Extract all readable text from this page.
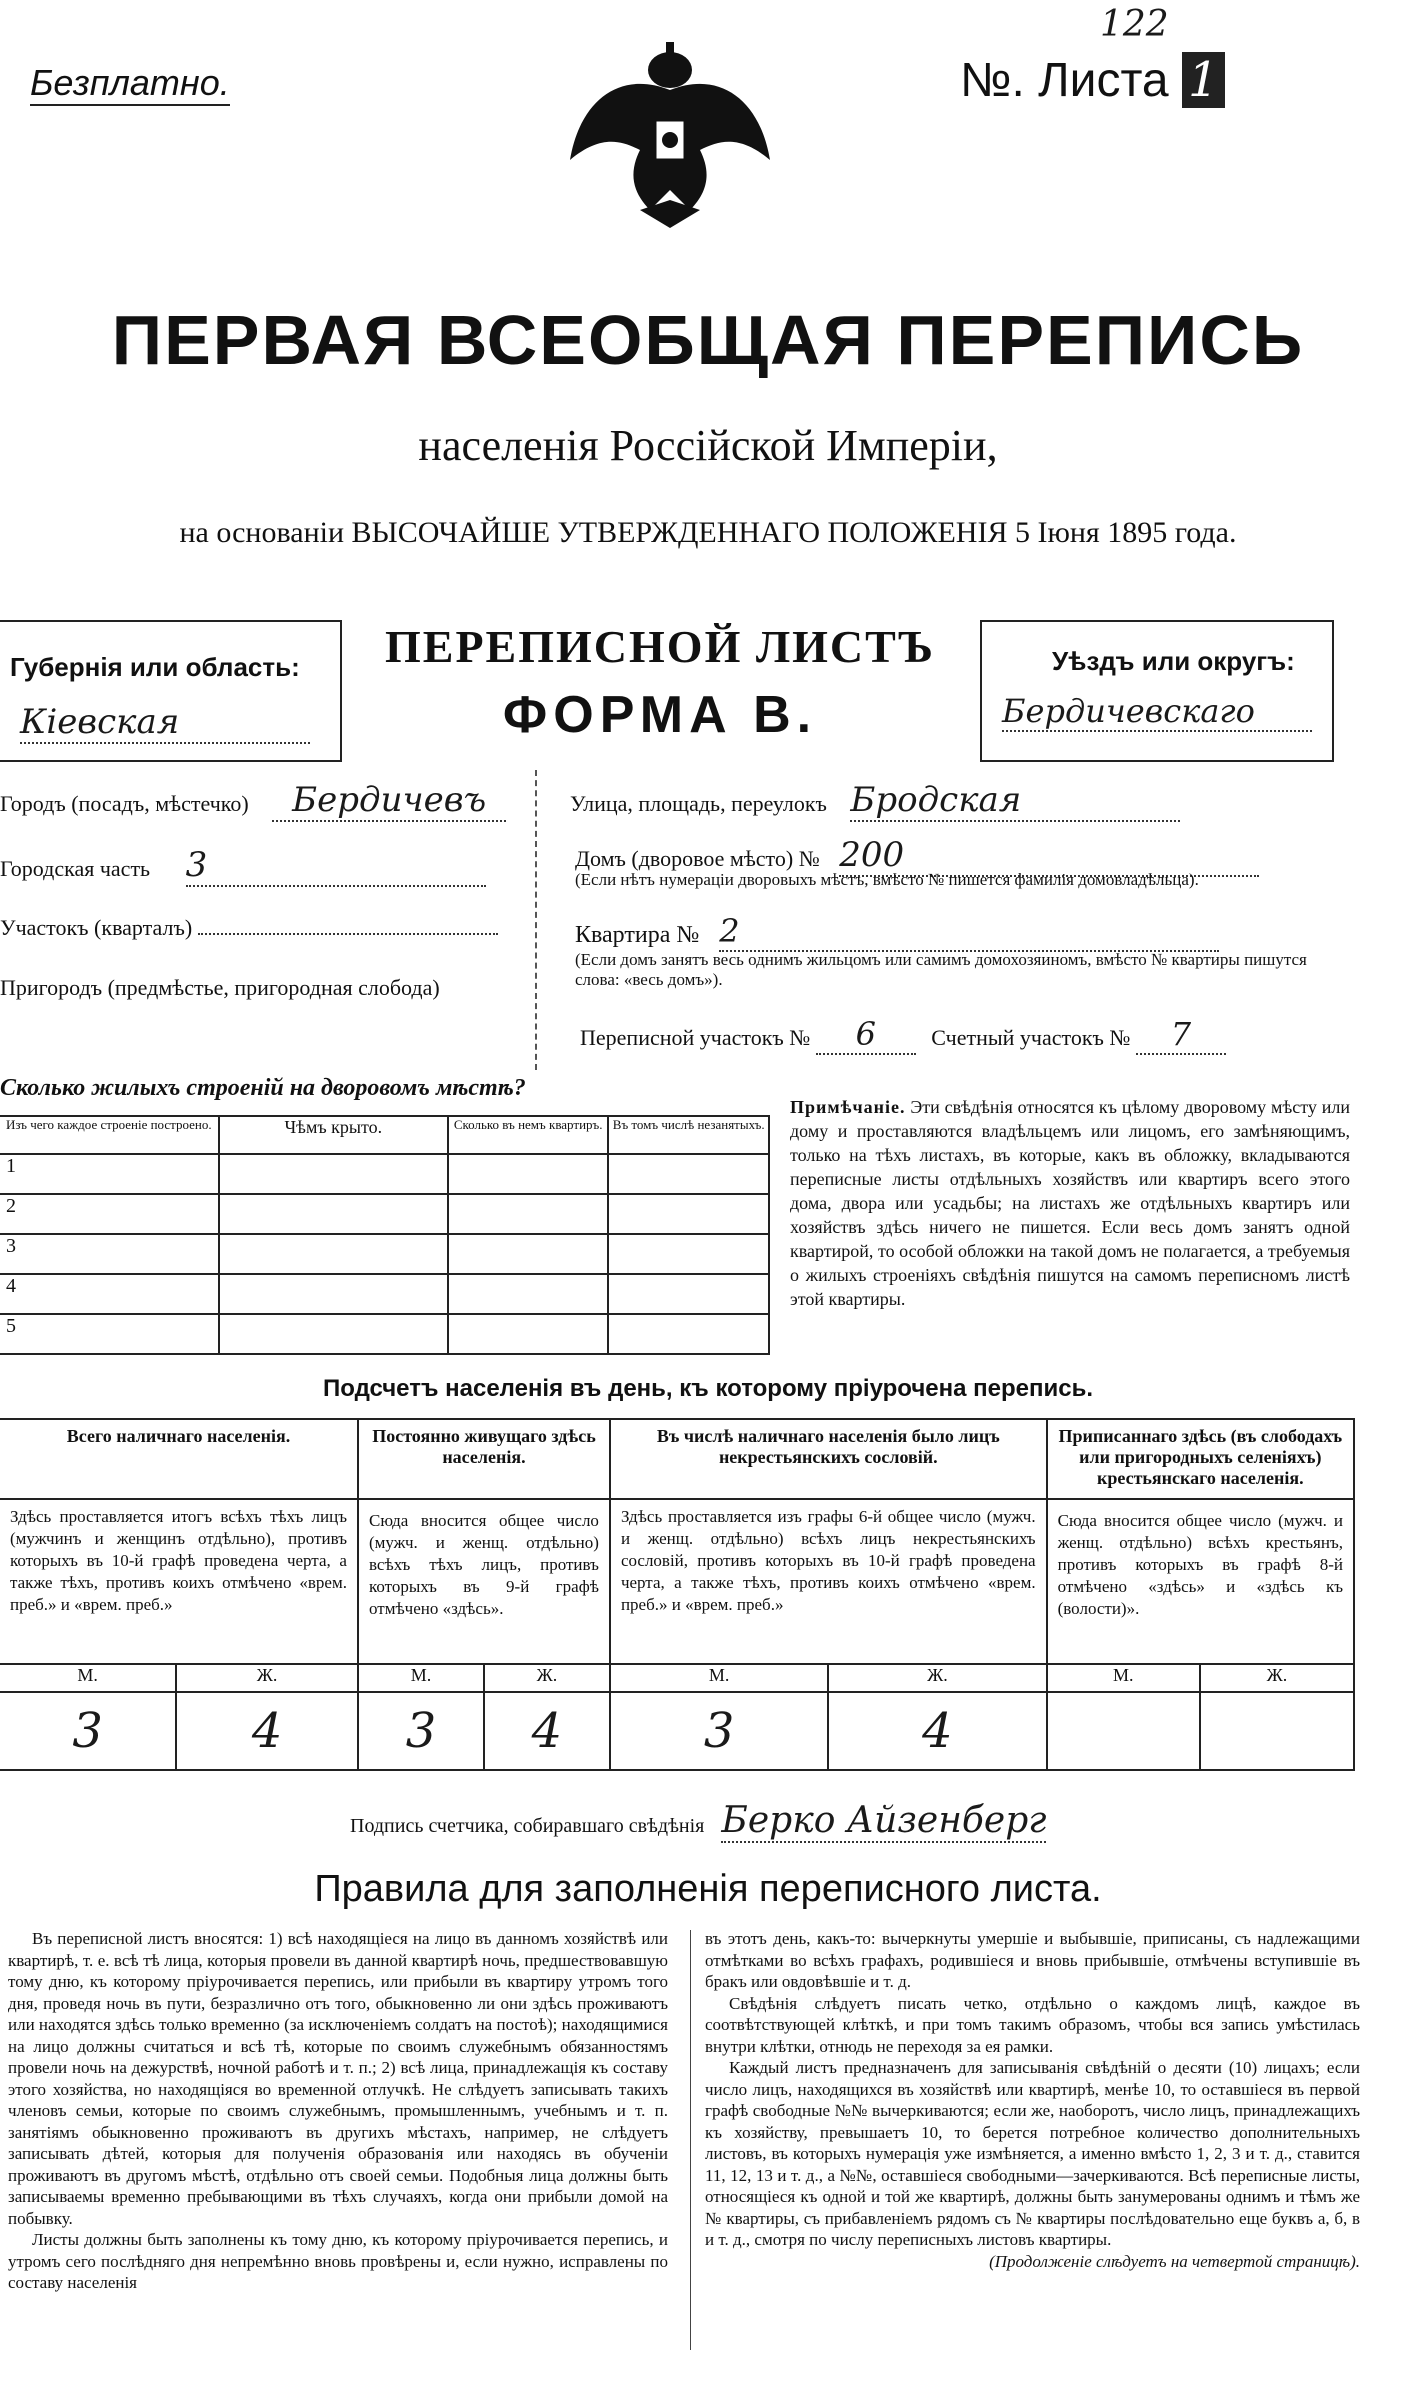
Безплатно.
122
№. Листа 1
ПЕРВАЯ ВСЕОБЩАЯ ПЕРЕПИСЬ
населенія Россійской Имперіи,
на основаніи ВЫСОЧАЙШЕ УТВЕРЖДЕННАГО ПОЛОЖЕНІЯ 5 Іюня 1895 года.
Губернія или область:
Кіевская
ПЕРЕПИСНОЙ ЛИСТЪ
ФОРМА В.
Уѣздъ или округъ:
Бердичевскаго
Городъ (посадъ, мѣстечко) Бердичевъ
Городская часть 3
Участокъ (кварталъ)
Пригородъ (предмѣстье, пригородная слобода)
Улица, площадь, переулокъ Бродская
Домъ (дворовое мѣсто) № 200
(Если нѣтъ нумераціи дворовыхъ мѣстъ, вмѣсто № пишется фамилія домовладѣльца).
Квартира № 2
(Если домъ занятъ весь однимъ жильцомъ или самимъ домохозяиномъ, вмѣсто № квартиры пишутся слова: «весь домъ»).
Переписной участокъ № 6	Счетный участокъ № 7
Сколько жилыхъ строеній на дворовомъ мѣстѣ?
Изъ чего каждое строеніе построено.	Чѣмъ крыто.	Сколько въ немъ квартиръ.	Въ томъ числѣ незанятыхъ.
1			
2			
3			
4			
5			
Примѣчаніе. Эти свѣдѣнія относятся къ цѣлому дворовому мѣсту или дому и проставляются владѣльцемъ или лицомъ, его замѣняющимъ, только на тѣхъ листахъ, въ которые, какъ въ обложку, вкладываются переписные листы отдѣльныхъ хозяйствъ или квартиръ всего этого дома, двора или усадьбы; на листахъ же отдѣльныхъ квартиръ или хозяйствъ здѣсь ничего не пишется. Если весь домъ занятъ одной квартирой, то особой обложки на такой домъ не полагается, а требуемыя о жилыхъ строеніяхъ свѣдѣнія пишутся на самомъ переписномъ листѣ этой квартиры.
Подсчетъ населенія въ день, къ которому пріурочена перепись.
Всего наличнаго населенія.		Постоянно живущаго здѣсь населенія.		Въ числѣ наличнаго населенія было лицъ некрестьянскихъ сословій.		Приписаннаго здѣсь (въ слободахъ или пригородныхъ селеніяхъ) крестьянскаго населенія.	
Здѣсь проставляется итогъ всѣхъ тѣхъ лицъ (мужчинъ и женщинъ отдѣльно), противъ которыхъ въ 10-й графѣ проведена черта, а также тѣхъ, противъ коихъ отмѣчено «врем. преб.» и «врем. преб.»		Сюда вносится общее число (мужч. и женщ. отдѣльно) всѣхъ тѣхъ лицъ, противъ которыхъ въ 9-й графѣ отмѣчено «здѣсь».		Здѣсь проставляется изъ графы 6-й общее число (мужч. и женщ. отдѣльно) всѣхъ лицъ некрестьянскихъ сословій, противъ которыхъ въ 10-й графѣ проведена черта, а также тѣхъ, противъ коихъ отмѣчено «врем. преб.» и «врем. преб.»		Сюда вносится общее число (мужч. и женщ. отдѣльно) всѣхъ крестьянъ, противъ которыхъ въ графѣ 8-й отмѣчено «здѣсь» и «здѣсь къ (волости)».	
М.	Ж.	М.	Ж.	М.	Ж.	М.	Ж.
3	4	3	4	3	4		
Подпись счетчика, собиравшаго свѣдѣнія Берко Айзенберг
Правила для заполненія переписного листа.

Въ переписной листъ вносятся: 1) всѣ находящіеся на лицо въ данномъ хозяйствѣ или квартирѣ, т. е. всѣ тѣ лица, которыя провели въ данной квартирѣ ночь, предшествовавшую тому дню, къ которому пріурочивается перепись, или прибыли въ квартиру утромъ того дня, проведя ночь въ пути, безразлично отъ того, обыкновенно ли они здѣсь проживаютъ или находятся здѣсь только временно (за исключеніемъ солдатъ на постоѣ); находящимися на лицо должны считаться и всѣ тѣ, которые по своимъ служебнымъ обязанностямъ провели ночь на дежурствѣ, ночной работѣ и т. п.; 2) всѣ лица, принадлежащія къ составу этого хозяйства, но находящіяся во временной отлучкѣ. Не слѣдуетъ записывать такихъ членовъ семьи, которые по своимъ служебнымъ, промышленнымъ, учебнымъ и т. п. занятіямъ обыкновенно проживаютъ въ другихъ мѣстахъ, например, не слѣдуетъ записывать дѣтей, которыя для полученія образованія или находясь въ обученіи проживаютъ въ другомъ мѣстѣ, отдѣльно отъ своей семьи. Подобныя лица должны быть записываемы временно пребывающими въ тѣхъ случаяхъ, когда они прибыли домой на побывку.

Листы должны быть заполнены къ тому дню, къ которому пріурочивается перепись, и утромъ сего послѣдняго дня непремѣнно вновь провѣрены и, если нужно, исправлены по составу населенія

въ этотъ день, какъ-то: вычеркнуты умершіе и выбывшіе, приписаны, съ надлежащими отмѣтками во всѣхъ графахъ, родившіеся и вновь прибывшіе, отмѣчены вступившіе въ бракъ или овдовѣвшіе и т. д.

Свѣдѣнія слѣдуетъ писать четко, отдѣльно о каждомъ лицѣ, каждое въ соотвѣтствующей клѣткѣ, и при томъ такимъ образомъ, чтобы вся запись умѣстилась внутри клѣтки, отнюдь не переходя за ея рамки.

Каждый листъ предназначенъ для записыванія свѣдѣній о десяти (10) лицахъ; если число лицъ, находящихся въ хозяйствѣ или квартирѣ, менѣе 10, то оставшіеся въ первой графѣ свободные №№ вычеркиваются; если же, наоборотъ, число лицъ, принадлежащихъ къ хозяйству, превышаетъ 10, то берется потребное количество дополнительныхъ листовъ, въ которыхъ нумерація уже измѣняется, а именно вмѣсто 1, 2, 3 и т. д., ставится 11, 12, 13 и т. д., а №№, оставшіеся свободными—зачеркиваются. Всѣ переписные листы, относящіеся къ одной и той же квартирѣ, должны быть занумерованы однимъ и тѣмъ же № квартиры, съ прибавленіемъ рядомъ съ № квартиры послѣдовательно еще буквъ а, б, в и т. д., смотря по числу переписныхъ листовъ квартиры.

(Продолженіе слѣдуетъ на четвертой страницѣ).
